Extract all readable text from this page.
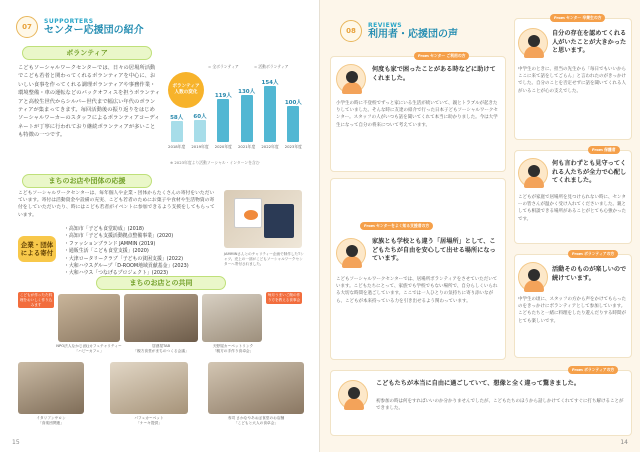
07
SUPPORTERS
センター応援団の紹介
ボランティア
こどもソーシャルワークセンターでは、日々の居場所活動でこども若者と関わってくれるボランティアを中心に、おいしい食事を作ってくれる調理ボランティアや事務作業・環境整備・車の運転などのバックオフィスを担うボランティアと高校生世代からシルバー世代まで幅広い年代のボランティアが集まってきます。毎回活動後の振り返りをはじめソーシャルワーカーのスタッフによるボランティアコーディネートが丁寧に行われており継続ボランティアが多いことも特徴の一つです。
= 全ボランティア	= 活動ボランティア
ボランティア
人数の変化
58人
2018年度
60人
2019年度
119人
2020年度
130人
2021年度
154人
2022年度
100人
2023年度
※ 2023年度より活動ソーシャル・インターンを含む
まちのお店や団体の応援
こどもソーシャルワークセンターは、毎年個人や企業・団体からたくさんの寄付をいただいています。寄付は活動資金や設備の充実、こども若者のためにお菓子や食材や生活物資の寄付をしていただいたり、時にはこども若者がイベントに参加できるよう支援をしてもらっています。
企業・団体
による寄付
・ 高知市「子ども食堂助成」(2018)
・ 高知市「子ども支援活動拠点整備事業」(2020)
・ ファッションブランド JAMMIN (2019)
・ 通販生活「こども食堂支援」(2020)
・ 大津ロータリークラブ「子どもの貧困支援」(2022)
・ 大和ハウスグループ「D-ROOM地域貢献基金」(2023)
・ 大和ハウス「つなげるプロジェクト」(2023)
JAMMINさんとのチャリティー企画で制作したTシャツ。売上の一部がこどもソーシャルワークセンターへ寄付されました。
まちのお店との共同
こどもが作ったた料理をおいしく作り込みます
毎月うまいご飯の作り方を教える食事会
NPO法人なかじ(仮)カフェチャリティー「ハピーカフェ」
居酒屋TAB
「親方食堂がまちのつくる会議」
天野屋カーペットリンク
「親方の手作り食卓会」
イタリアンサロン
「食楽団関連」
パフェカーペット
「ケーキ提供」
寿司 さかなやあおば食堂のお店舗
「こどもと大人の食卓会」
15
08
REVIEWS
利用者・応援団の声
From センター ご利用の方
何度も家で困ったことがある時などに助けてくれました。
小学生の時に不登校でずっと家にいる生活が続いていて、親とトラブルが起きたりしていました。そんな時に友達の紹介で行った日本子どもソーシャルワークセンター。スタッフの人がいつも話を聞いてくれて本当に助かりました。今は大学生になって自分の将来について考えています。
From センターをよく知る支援者の方
家族とも学校とも違う「居場所」として、こどもたちが自由を安心して出せる場所になっています。
こどもソーシャルワークセンターでは、居場所ボランティアをさせていただいています。こどもたちにとって、家族でも学校でもない場所で、自分らしくいられる大切な時間を過ごしています。ここでは一人ひとりの気持ちに寄り添いながら、こどもが本来持っている力を引き出せるよう関わっています。
From センター 卒業生の方
自分の存在を認めてくれる人がいたことが大きかったと思います。
中学生のときに、担当の先生から「毎日でもいいからここに来て話をしてごらん」と言われたのがきっかけでした。自分のことを否定せずに話を聞いてくれる人がいることが心の支えでした。
From 保護者
何も言わずとも見守ってくれる人たちが全力で心配してくれました。
こどもが家庭で居場所を見つけられない時に、センターの皆さんが温かく受け入れてくださいました。親としても相談できる場所があることがとても心強かったです。
From ボランティアの方
活動そのものが楽しいので続けています。
中学生の頃に、スタッフの方から声をかけてもらったのをきっかけにボランティアとして参加しています。こどもたちと一緒に料理をしたり遊んだりする時間がとても楽しいです。
From ボランティアの方
こどもたちが本当に自由に過ごしていて、想像と全く違って驚きました。
初参加の時は何をすればいいのか分かりませんでしたが、こどもたちのほうから話しかけてくれてすぐに打ち解けることができました。
14
